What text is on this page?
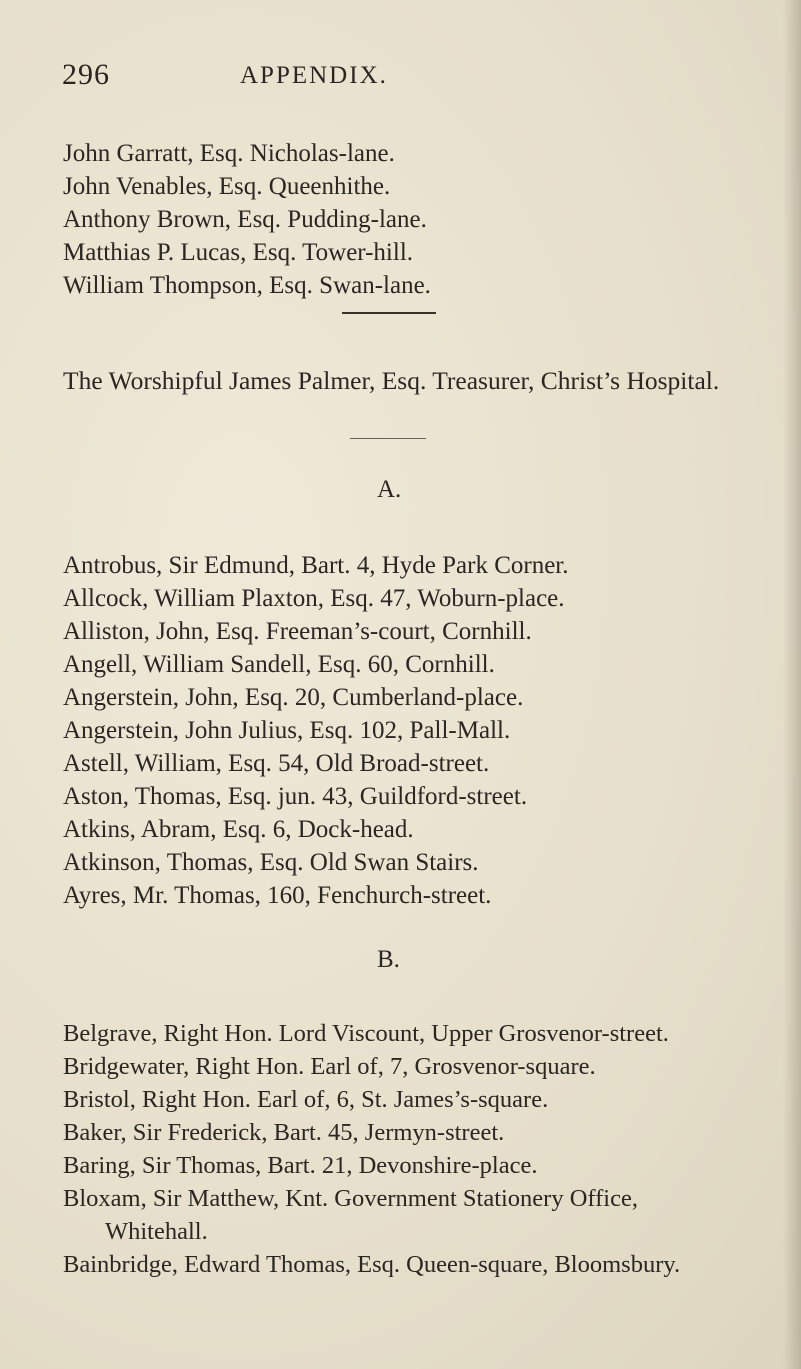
296	APPENDIX.
John Garratt, Esq. Nicholas-lane.
John Venables, Esq. Queenhithe.
Anthony Brown, Esq. Pudding-lane.
Matthias P. Lucas, Esq. Tower-hill.
William Thompson, Esq. Swan-lane.
The Worshipful James Palmer, Esq. Treasurer, Christ’s Hospital.
A.
Antrobus, Sir Edmund, Bart. 4, Hyde Park Corner.
Allcock, William Plaxton, Esq. 47, Woburn-place.
Alliston, John, Esq. Freeman’s-court, Cornhill.
Angell, William Sandell, Esq. 60, Cornhill.
Angerstein, John, Esq. 20, Cumberland-place.
Angerstein, John Julius, Esq. 102, Pall-Mall.
Astell, William, Esq. 54, Old Broad-street.
Aston, Thomas, Esq. jun. 43, Guildford-street.
Atkins, Abram, Esq. 6, Dock-head.
Atkinson, Thomas, Esq. Old Swan Stairs.
Ayres, Mr. Thomas, 160, Fenchurch-street.
B.
Belgrave, Right Hon. Lord Viscount, Upper Grosvenor-street.
Bridgewater, Right Hon. Earl of, 7, Grosvenor-square.
Bristol, Right Hon. Earl of, 6, St. James’s-square.
Baker, Sir Frederick, Bart. 45, Jermyn-street.
Baring, Sir Thomas, Bart. 21, Devonshire-place.
Bloxam, Sir Matthew, Knt. Government Stationery Office,
Whitehall.
Bainbridge, Edward Thomas, Esq. Queen-square, Bloomsbury.
